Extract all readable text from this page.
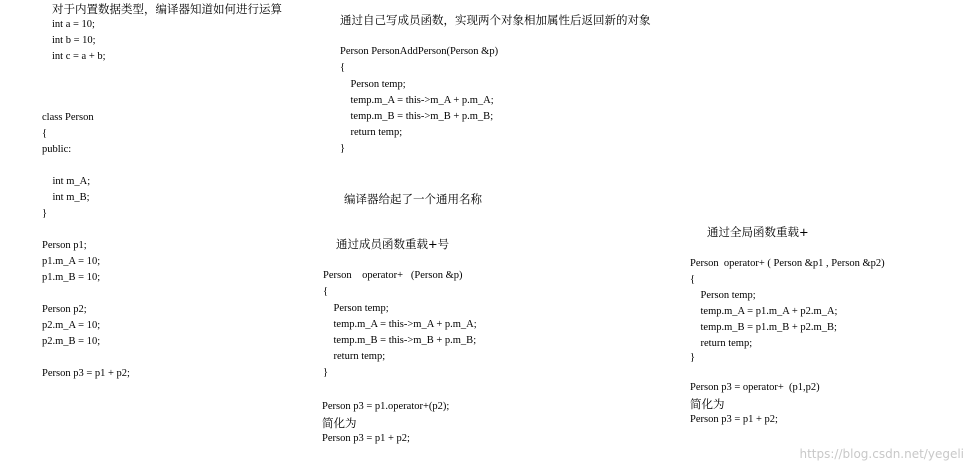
对于内置数据类型，编译器知道如何进行运算
int a = 10;
int b = 10;
int c = a + b;
class Person
{
public:
int m_A;
int m_B;
}
Person p1;
p1.m_A = 10;
p1.m_B = 10;
Person p2;
p2.m_A = 10;
p2.m_B = 10;
Person p3 = p1 + p2;
通过自己写成员函数，实现两个对象相加属性后返回新的对象
Person PersonAddPerson(Person &p)
{
Person temp;
temp.m_A = this->m_A + p.m_A;
temp.m_B = this->m_B + p.m_B;
return temp;
}
编译器给起了一个通用名称
通过成员函数重载+号
Person    operator+   (Person &p)
{
Person temp;
temp.m_A = this->m_A + p.m_A;
temp.m_B = this->m_B + p.m_B;
return temp;
}
Person p3 = p1.operator+(p2);
简化为
Person p3 = p1 + p2;
通过全局函数重载+
Person  operator+ ( Person &p1 , Person &p2)
{
Person temp;
temp.m_A = p1.m_A + p2.m_A;
temp.m_B = p1.m_B + p2.m_B;
return temp;
}
Person p3 = operator+  (p1,p2)
简化为
Person p3 = p1 + p2;
https://blog.csdn.net/yegeli
